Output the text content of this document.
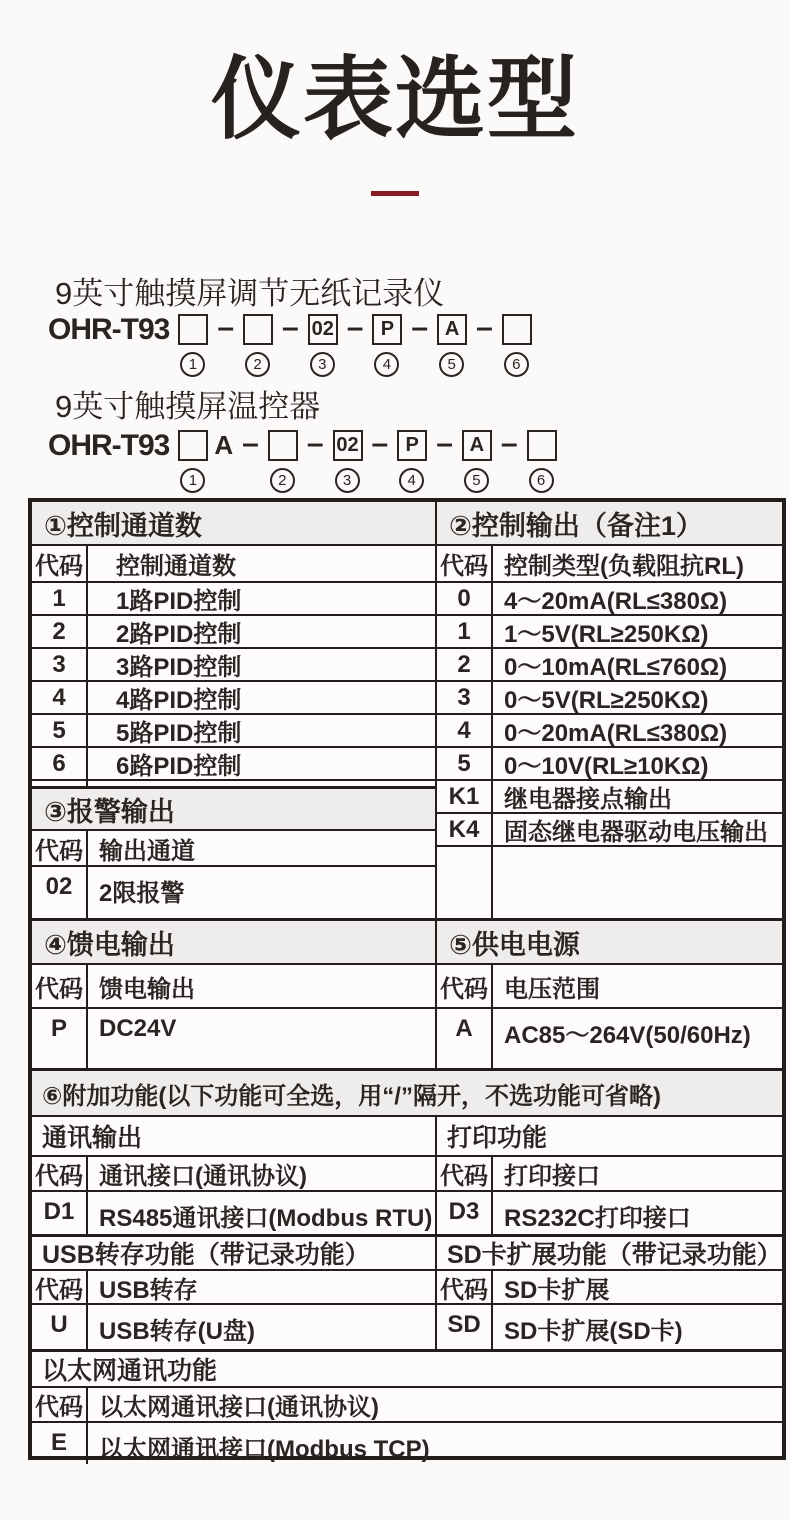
仪表选型
9英寸触摸屏调节无纸记录仪
OHR-T93
1
–
2
– 02
3
– P
4
– A
5
–
6
9英寸触摸屏温控器
OHR-T93 A
1
–
2
– 02
3
– P
4
– A
5
–
6
①控制通道数
代码	控制通道数
1	1路PID控制
2	2路PID控制
3	3路PID控制
4	4路PID控制
5	5路PID控制
6	6路PID控制
③报警输出
代码 输出通道
02	2限报警
②控制输出（备注1）
代码 控制类型(负载阻抗RL)
0	4～20mA(RL≤380Ω)
1	1～5V(RL≥250KΩ)
2	0～10mA(RL≤760Ω)
3	0～5V(RL≥250KΩ)
4	0～20mA(RL≤380Ω)
5	0～10V(RL≥10KΩ)
K1	继电器接点输出
K4	固态继电器驱动电压输出
④馈电输出
代码 馈电输出
P	DC24V
⑤供电电源
代码 电压范围
A	AC85～264V(50/60Hz)
⑥附加功能(以下功能可全选，用“/”隔开，不选功能可省略)
通讯输出
代码 通讯接口(通讯协议)
D1	RS485通讯接口(Modbus RTU)
打印功能
代码 打印接口
D3	RS232C打印接口
USB转存功能（带记录功能）
代码 USB转存
U	USB转存(U盘)
SD卡扩展功能（带记录功能）
代码 SD卡扩展
SD SD卡扩展(SD卡)
以太网通讯功能
代码 以太网通讯接口(通讯协议)
E	以太网通讯接口(Modbus TCP)
